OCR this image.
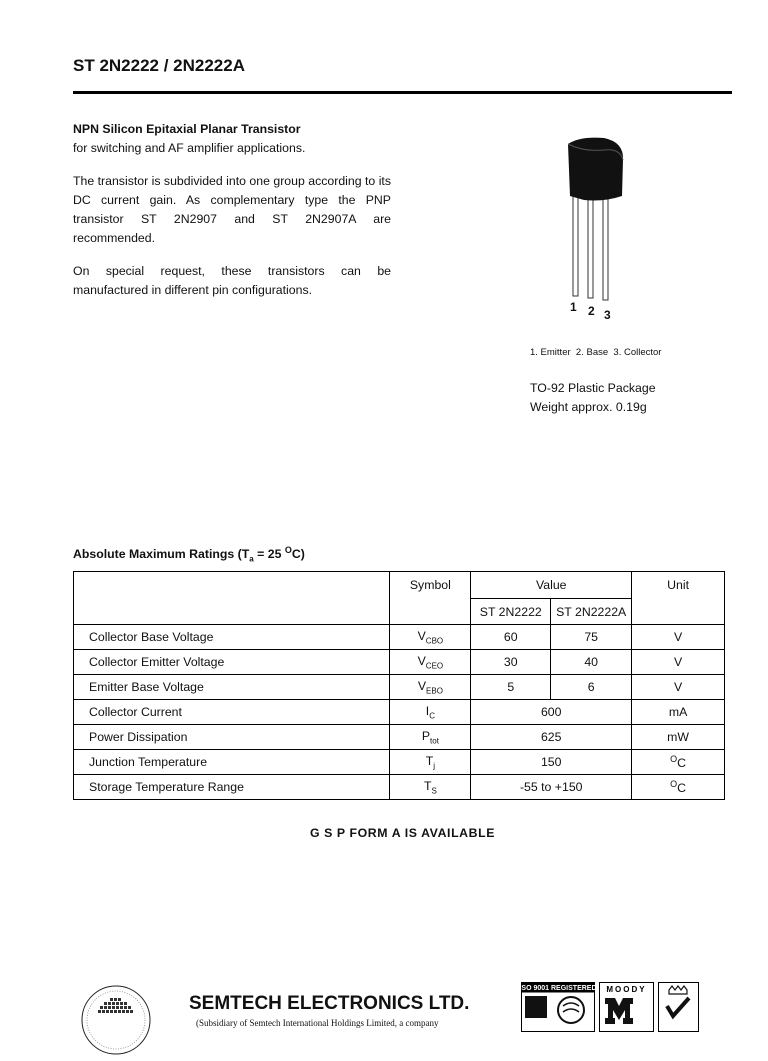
ST 2N2222 / 2N2222A

NPN Silicon Epitaxial Planar Transistor

for switching and AF amplifier applications.

The transistor is subdivided into one group according to its DC current gain. As complementary type the PNP transistor ST 2N2907 and ST 2N2907A are recommended.

On special request, these transistors can be manufactured in different pin configurations.

1 2 3
1. Emitter  2. Base  3. Collector
TO-92 Plastic Package
Weight approx. 0.19g
Absolute Maximum Ratings ($T_a = 25$ $^O$C)
	Symbol	Value		Unit
		ST 2N2222	ST 2N2222A	
Collector Base Voltage	$V_{CBO}$	60	75	V
Collector Emitter Voltage	$V_{CEO}$	30	40	V
Emitter Base Voltage	$V_{EBO}$	5	6	V
Collector Current	$I_C$	600		mA
Power Dissipation	$P_{tot}$	625		mW
Junction Temperature	$T_j$	150		$^O$C
Storage Temperature Range	$T_S$	-55 to +150		$^O$C
G S P FORM A IS AVAILABLE
SEMTECH ELECTRONICS LTD.
(Subsidiary of Semtech International Holdings Limited, a company
ISO 9001 REGISTERED MOODY
